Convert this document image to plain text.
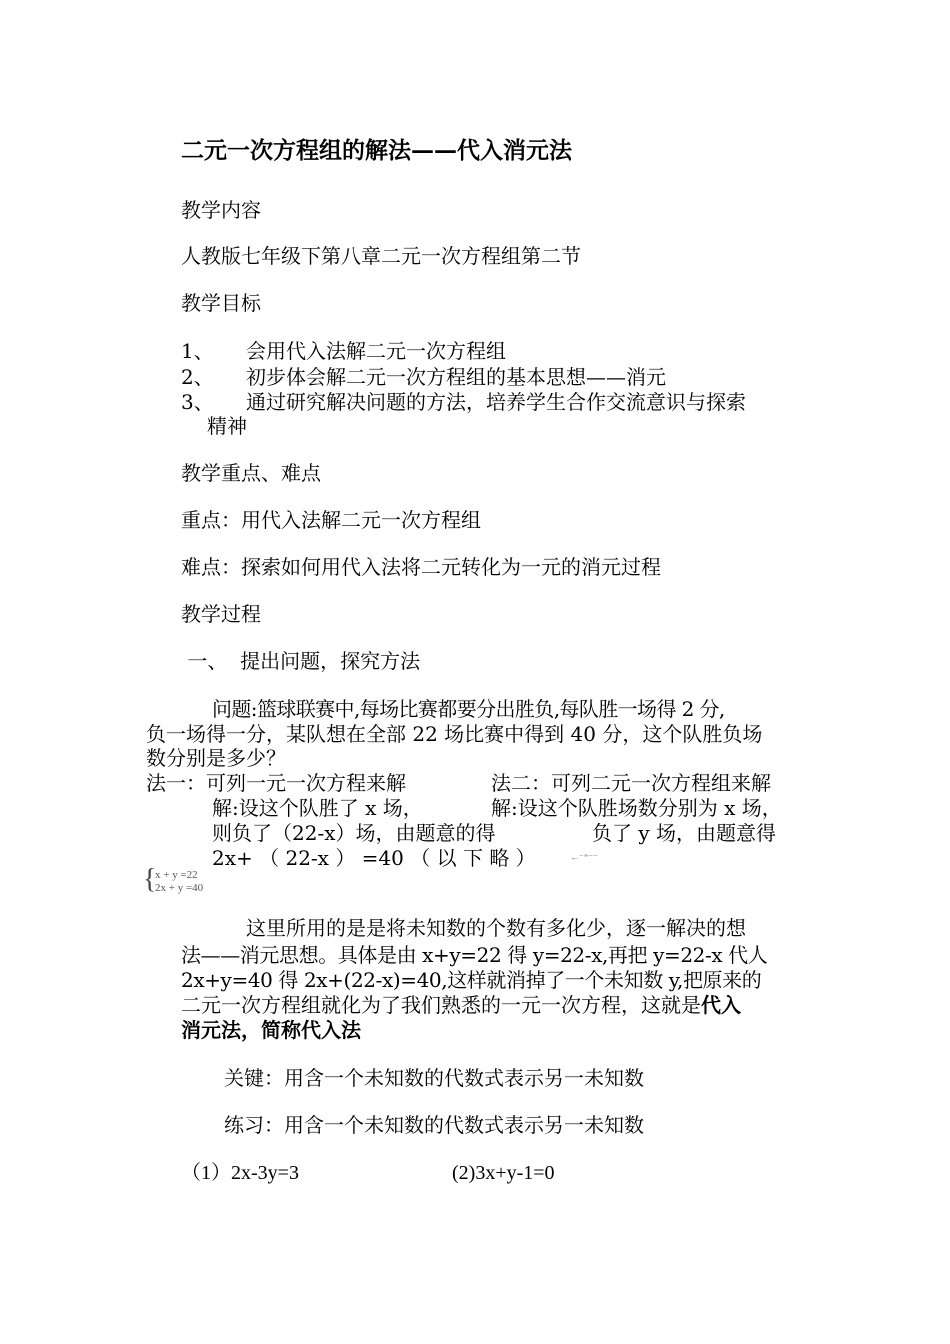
二元一次方程组的解法——代入消元法
教学内容
人教版七年级下第八章二元一次方程组第二节
教学目标
1、 会用代入法解二元一次方程组
2、 初步体会解二元一次方程组的基本思想——消元
3、 通过研究解决问题的方法，培养学生合作交流意识与探索
精神
教学重点、难点
重点：用代入法解二元一次方程组
难点：探索如何用代入法将二元转化为一元的消元过程
教学过程
一、  提出问题，探究方法
问题:篮球联赛中,每场比赛都要分出胜负,每队胜一场得 2 分,
负一场得一分，某队想在全部 22 场比赛中得到 40 分，这个队胜负场
数分别是多少？
法一：可列一元一次方程来解	法二：可列二元一次方程组来解
解:设这个队胜了 x 场，	解:设这个队胜场数分别为 x 场，
则负了（22-x）场，由题意的得	负了 y 场，由题意得
2x+ （ 22-x ） =40 （ 以 下 略 ）	←⁻⁼⁻⁻
{
x + y =22
2x + y =40
这里所用的是是将未知数的个数有多化少，逐一解决的想
法——消元思想。具体是由 x+y=22 得 y=22-x,再把 y=22-x 代人
2x+y=40 得 2x+(22-x)=40,这样就消掉了一个未知数 y,把原来的
二元一次方程组就化为了我们熟悉的一元一次方程，这就是代入
消元法，简称代入法
关键：用含一个未知数的代数式表示另一未知数
练习：用含一个未知数的代数式表示另一未知数
（1）2x-3y=3	(2)3x+y-1=0
